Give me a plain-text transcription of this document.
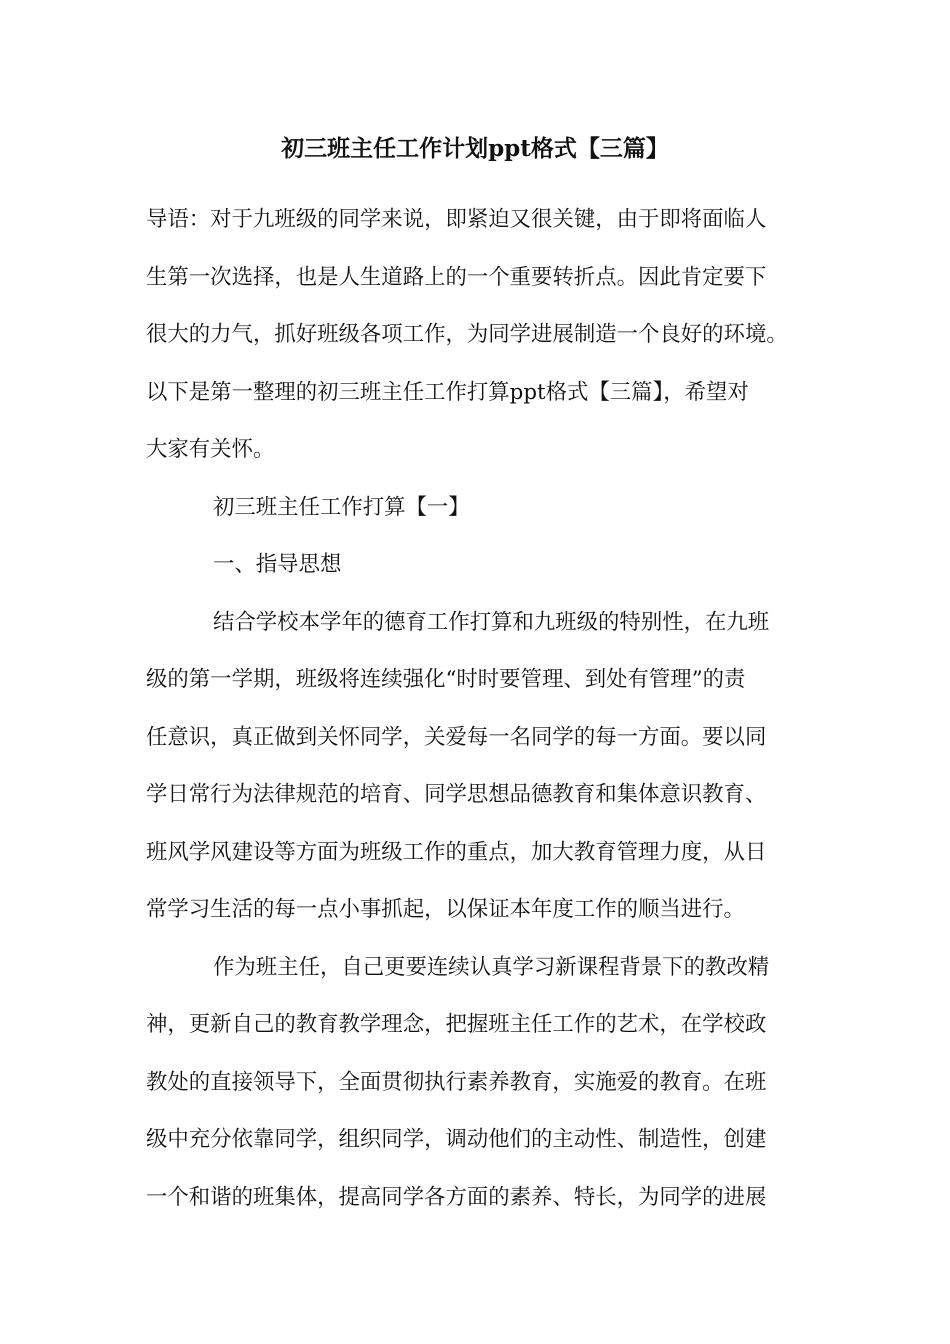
初三班主任工作计划ppt格式【三篇】
导语：对于九班级的同学来说，即紧迫又很关键，由于即将面临人
生第一次选择，也是人生道路上的一个重要转折点。因此肯定要下
很大的力气，抓好班级各项工作，为同学进展制造一个良好的环境。
以下是第一整理的初三班主任工作打算ppt格式【三篇】，希望对
大家有关怀。
初三班主任工作打算【一】
一、指导思想
结合学校本学年的德育工作打算和九班级的特别性，在九班
级的第一学期，班级将连续强化“时时要管理、到处有管理”的责
任意识，真正做到关怀同学，关爱每一名同学的每一方面。要以同
学日常行为法律规范的培育、同学思想品德教育和集体意识教育、
班风学风建设等方面为班级工作的重点，加大教育管理力度，从日
常学习生活的每一点小事抓起，以保证本年度工作的顺当进行。
作为班主任，自己更要连续认真学习新课程背景下的教改精
神，更新自己的教育教学理念，把握班主任工作的艺术，在学校政
教处的直接领导下，全面贯彻执行素养教育，实施爱的教育。在班
级中充分依靠同学，组织同学，调动他们的主动性、制造性，创建
一个和谐的班集体，提高同学各方面的素养、特长，为同学的进展
